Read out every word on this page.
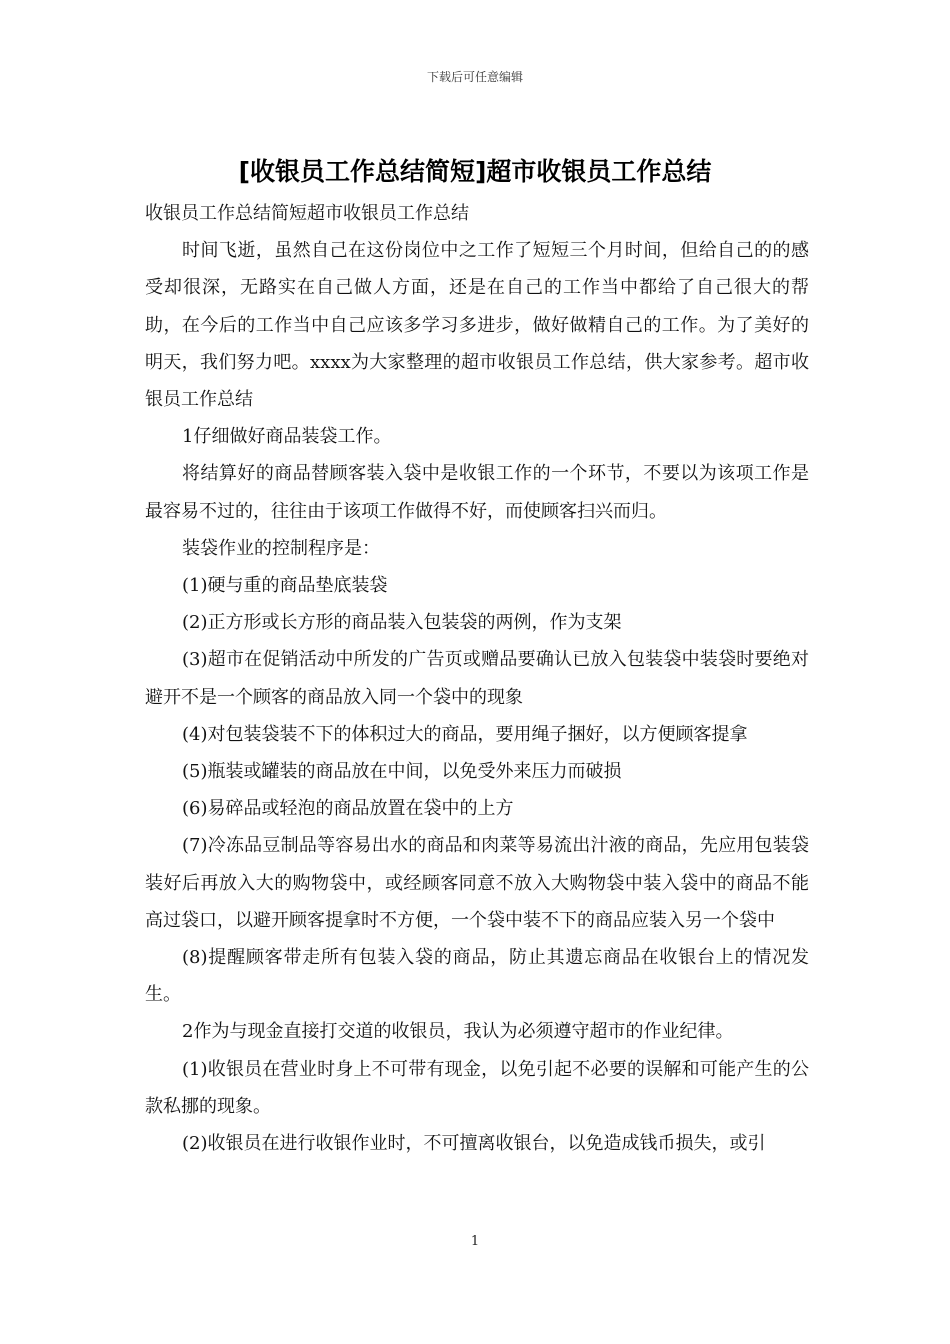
下载后可任意编辑
[收银员工作总结简短]超市收银员工作总结

收银员工作总结简短超市收银员工作总结

时间飞逝，虽然自己在这份岗位中之工作了短短三个月时间，但给自己的的感受却很深，无路实在自己做人方面，还是在自己的工作当中都给了自己很大的帮助，在今后的工作当中自己应该多学习多进步，做好做精自己的工作。为了美好的明天，我们努力吧。xxxx为大家整理的超市收银员工作总结，供大家参考。超市收银员工作总结

1仔细做好商品装袋工作。

将结算好的商品替顾客装入袋中是收银工作的一个环节，不要以为该项工作是最容易不过的，往往由于该项工作做得不好，而使顾客扫兴而归。

装袋作业的控制程序是：

(1)硬与重的商品垫底装袋

(2)正方形或长方形的商品装入包装袋的两例，作为支架

(3)超市在促销活动中所发的广告页或赠品要确认已放入包装袋中装袋时要绝对避开不是一个顾客的商品放入同一个袋中的现象

(4)对包装袋装不下的体积过大的商品，要用绳子捆好，以方便顾客提拿

(5)瓶装或罐装的商品放在中间，以免受外来压力而破损

(6)易碎品或轻泡的商品放置在袋中的上方

(7)冷冻品豆制品等容易出水的商品和肉菜等易流出汁液的商品，先应用包装袋装好后再放入大的购物袋中，或经顾客同意不放入大购物袋中装入袋中的商品不能高过袋口，以避开顾客提拿时不方便，一个袋中装不下的商品应装入另一个袋中

(8)提醒顾客带走所有包装入袋的商品，防止其遗忘商品在收银台上的情况发生。

2作为与现金直接打交道的收银员，我认为必须遵守超市的作业纪律。

(1)收银员在营业时身上不可带有现金，以免引起不必要的误解和可能产生的公款私挪的现象。

(2)收银员在进行收银作业时，不可擅离收银台，以免造成钱币损失，或引

1
